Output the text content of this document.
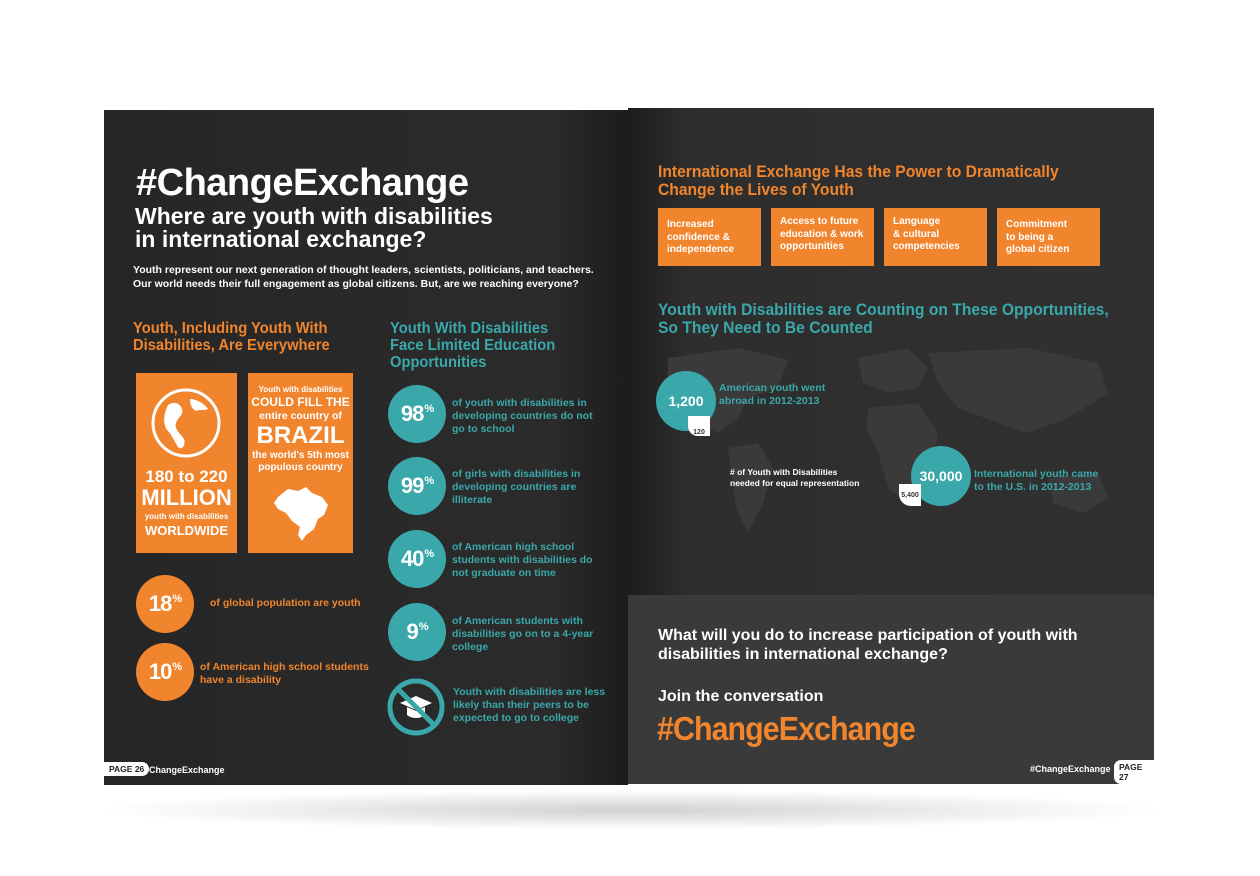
#ChangeExchange
Where are youth with disabilities
in international exchange?
Youth represent our next generation of thought leaders, scientists, politicians, and teachers.
Our world needs their full engagement as global citizens. But, are we reaching everyone?
Youth, Including Youth With
Disabilities, Are Everywhere
180 to 220
MILLION
youth with disabilities
WORLDWIDE
Youth with disabilities
COULD FILL THE
entire country of
BRAZIL
the world's 5th most
populous country
18%	of global population are youth
10% of American high school students
have a disability
Youth With Disabilities
Face Limited Education
Opportunities
98% of youth with disabilities in
developing countries do not
go to school
99%
of girls with disabilities in
developing countries are
illiterate
40%
of American high school
students with disabilities do
not graduate on time
9% of American students with
disabilities go on to a 4-year
college
Youth with disabilities are less
likely than their peers to be
expected to go to college
PAGE 26 #ChangeExchange
International Exchange Has the Power to Dramatically
Change the Lives of Youth
Increased
confidence &
independence
Access to future
education & work
opportunities
Language
& cultural
competencies
Commitment
to being a
global citizen
Youth with Disabilities are Counting on These Opportunities,
So They Need to Be Counted
1,200
120
American youth went
abroad in 2012-2013
# of Youth with Disabilities
needed for equal representation	30,000
5,400
International youth came
to the U.S. in 2012-2013
What will you do to increase participation of youth with
disabilities in international exchange?
Join the conversation
#ChangeExchange
#ChangeExchange PAGE 27
